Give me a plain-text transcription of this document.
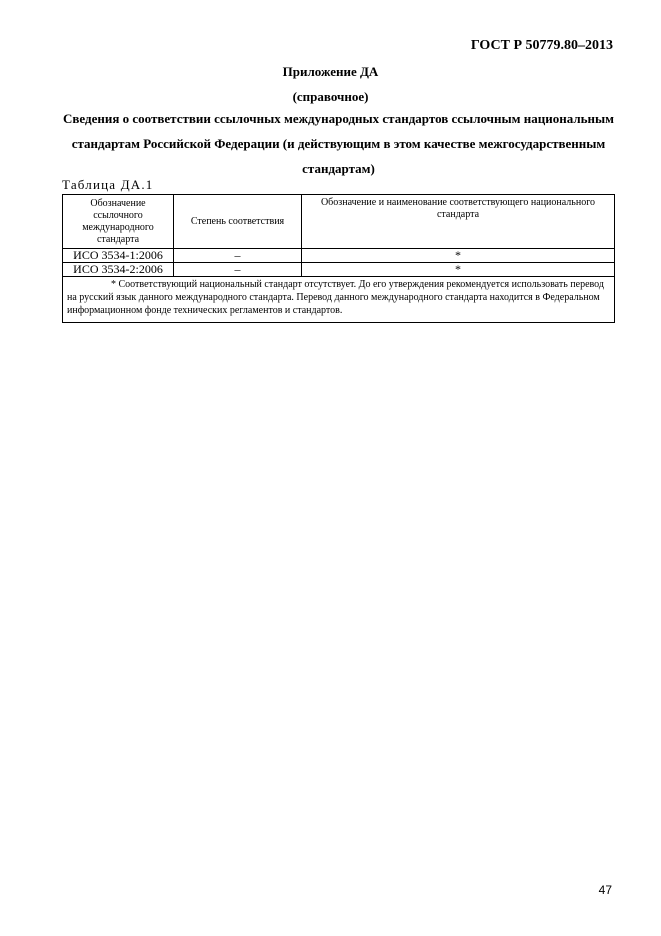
ГОСТ Р 50779.80–2013
Приложение ДА
(справочное)
Сведения о соответствии ссылочных международных стандартов ссылочным национальным стандартам Российской Федерации (и действующим в этом качестве межгосударственным стандартам)
Таблица ДА.1
Обозначение ссылочного международного стандарта	Степень соответствия	Обозначение и наименование соответствующего национального стандарта
ИСО 3534-1:2006	–	*
ИСО 3534-2:2006	–	*
* Соответствующий национальный стандарт отсутствует. До его утверждения рекомендуется использовать перевод на русский язык данного международного стандарта. Перевод данного международного стандарта находится в Федеральном информационном фонде технических регламентов и стандартов.		
47
